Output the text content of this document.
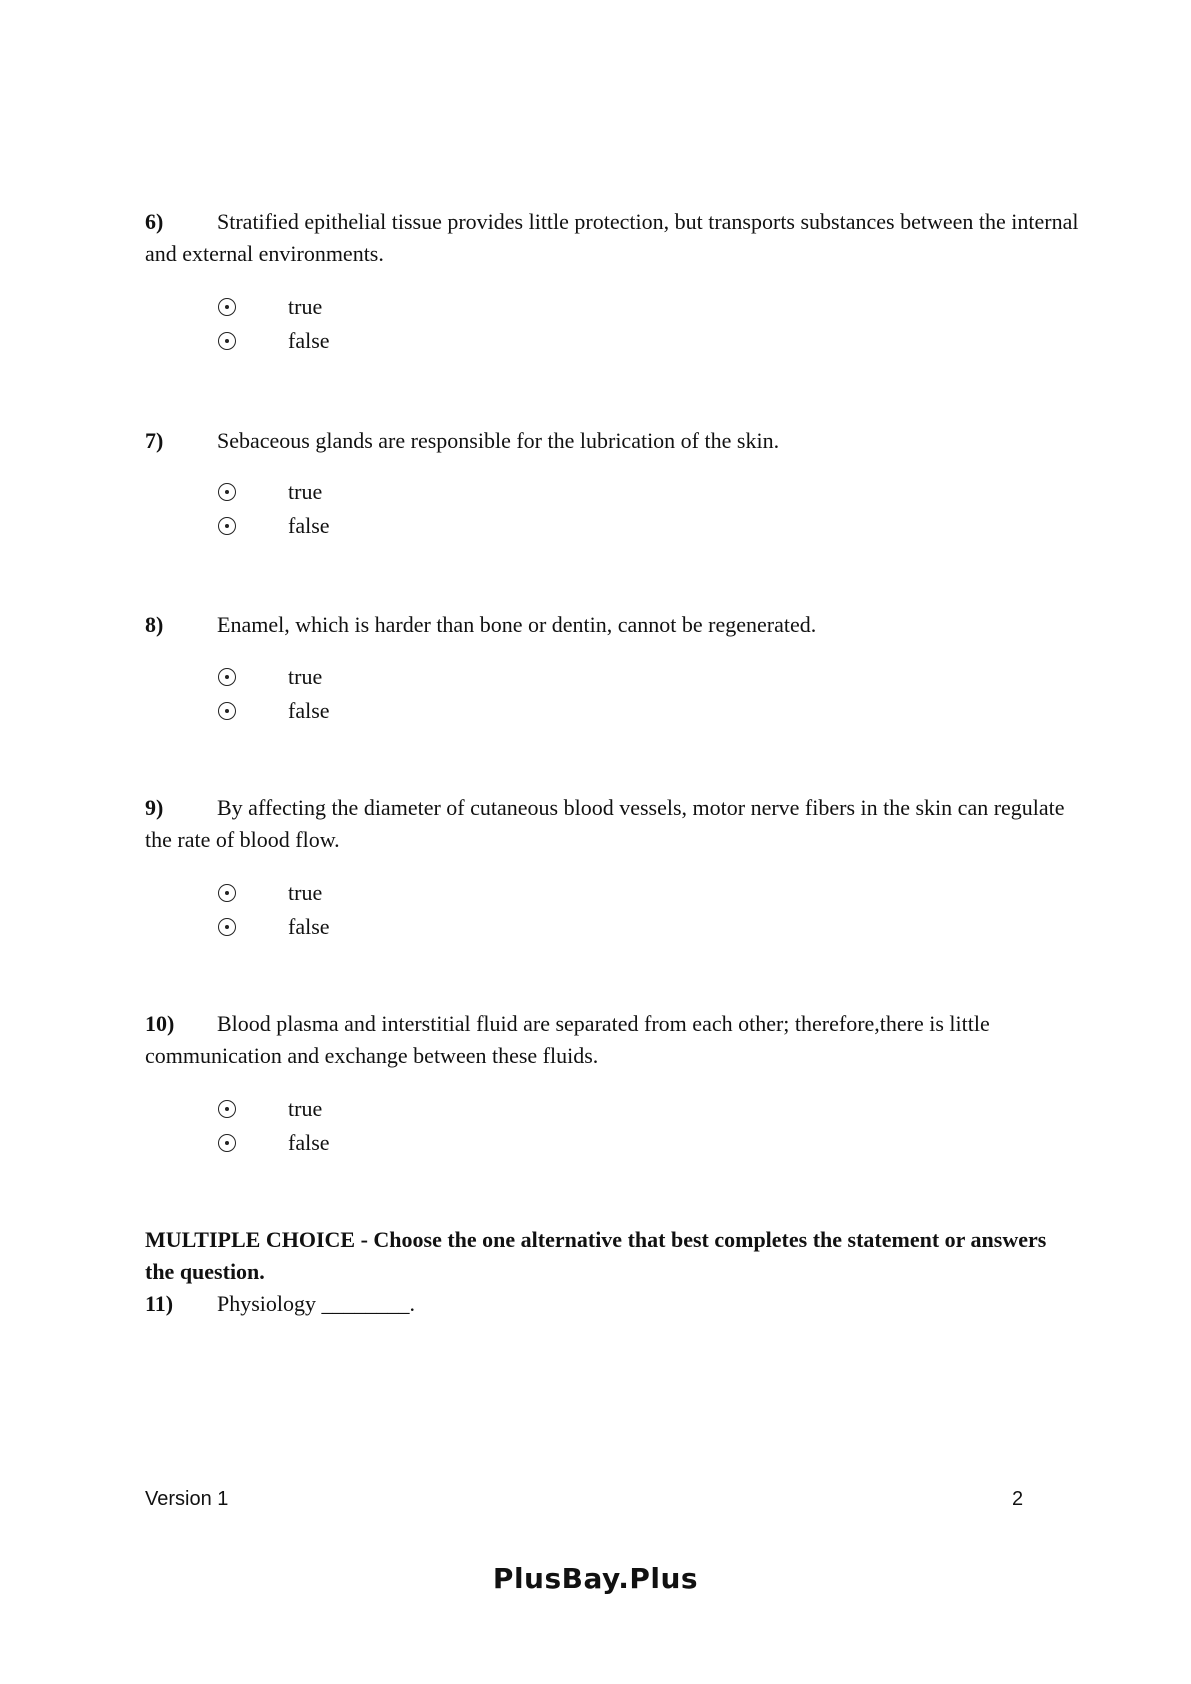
6) Stratified epithelial tissue provides little protection, but transports substances between the internal and external environments.
true
false
7) Sebaceous glands are responsible for the lubrication of the skin.
true
false
8) Enamel, which is harder than bone or dentin, cannot be regenerated.
true
false
9) By affecting the diameter of cutaneous blood vessels, motor nerve fibers in the skin can regulate the rate of blood flow.
true
false
10) Blood plasma and interstitial fluid are separated from each other; therefore,there is little communication and exchange between these fluids.
true
false
MULTIPLE CHOICE - Choose the one alternative that best completes the statement or answers the question.
11) Physiology ________.
Version 1	2
PlusBay.Plus
